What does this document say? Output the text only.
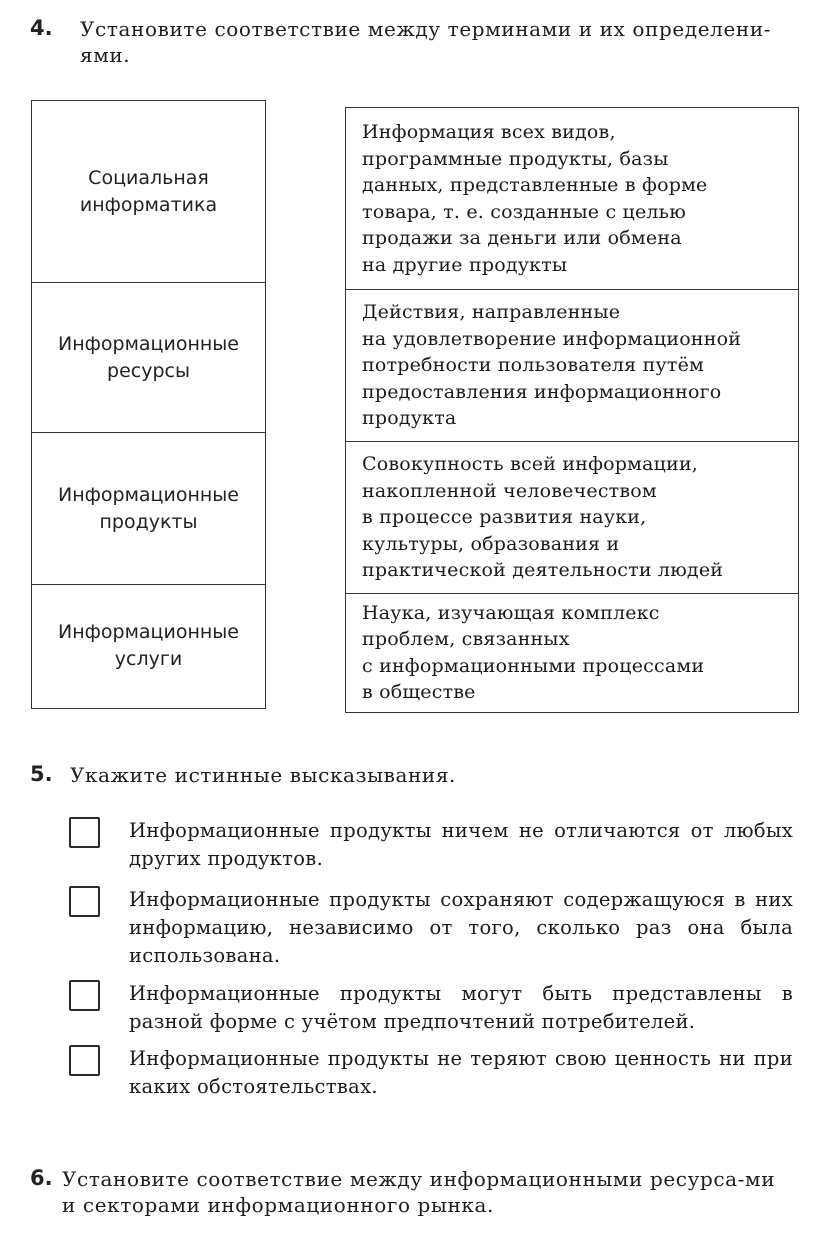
4. Установите соответствие между терминами и их определени-ями.
Социальная
информатика
Информационные
ресурсы
Информационные
продукты
Информационные
услуги
Информация всех видов,
программные продукты, базы
данных, представленные в форме
товара, т. е. созданные с целью
продажи за деньги или обмена
на другие продукты
Действия, направленные
на удовлетворение информационной
потребности пользователя путём
предоставления информационного
продукта
Совокупность всей информации,
накопленной человечеством
в процессе развития науки,
культуры, образования и
практической деятельности людей
Наука, изучающая комплекс
проблем, связанных
с информационными процессами
в обществе
5. Укажите истинные высказывания.
Информационные продукты ничем не отличаются от любых других продуктов.
Информационные продукты сохраняют содержащуюся в них информацию, независимо от того, сколько раз она была использована.
Информационные продукты могут быть представлены в разной форме с учётом предпочтений потребителей.
Информационные продукты не теряют свою ценность ни при каких обстоятельствах.
6. Установите соответствие между информационными ресурса-ми и секторами информационного рынка.
